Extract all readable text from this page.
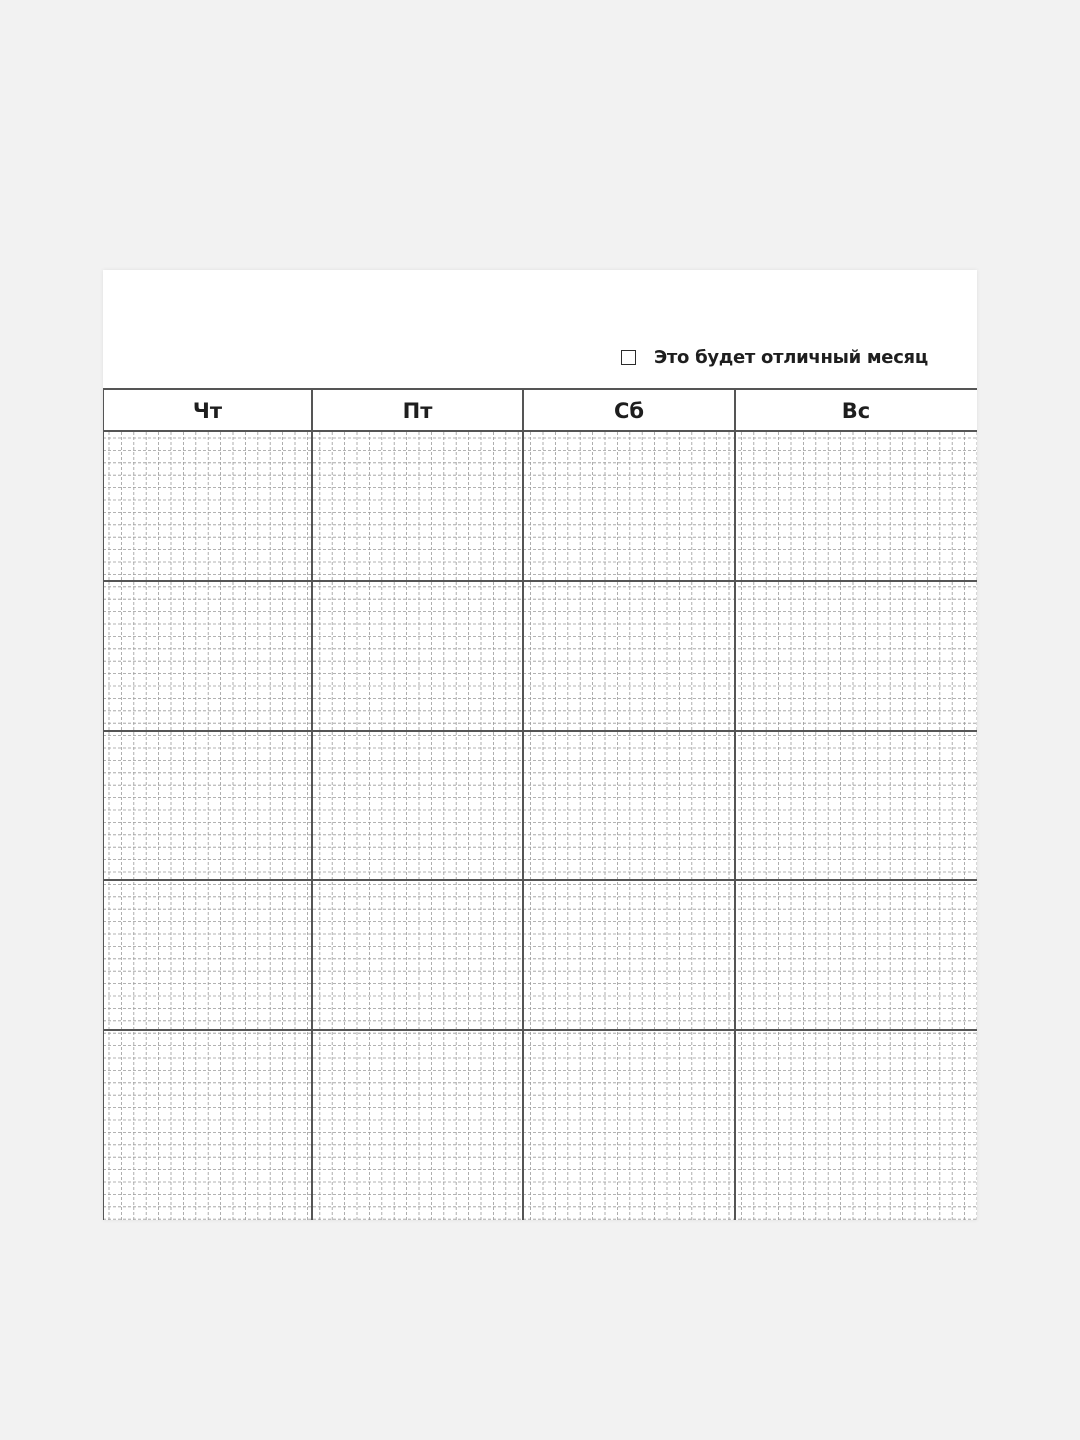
Это будет отличный месяц
Чт	Пт	Сб	Вс
